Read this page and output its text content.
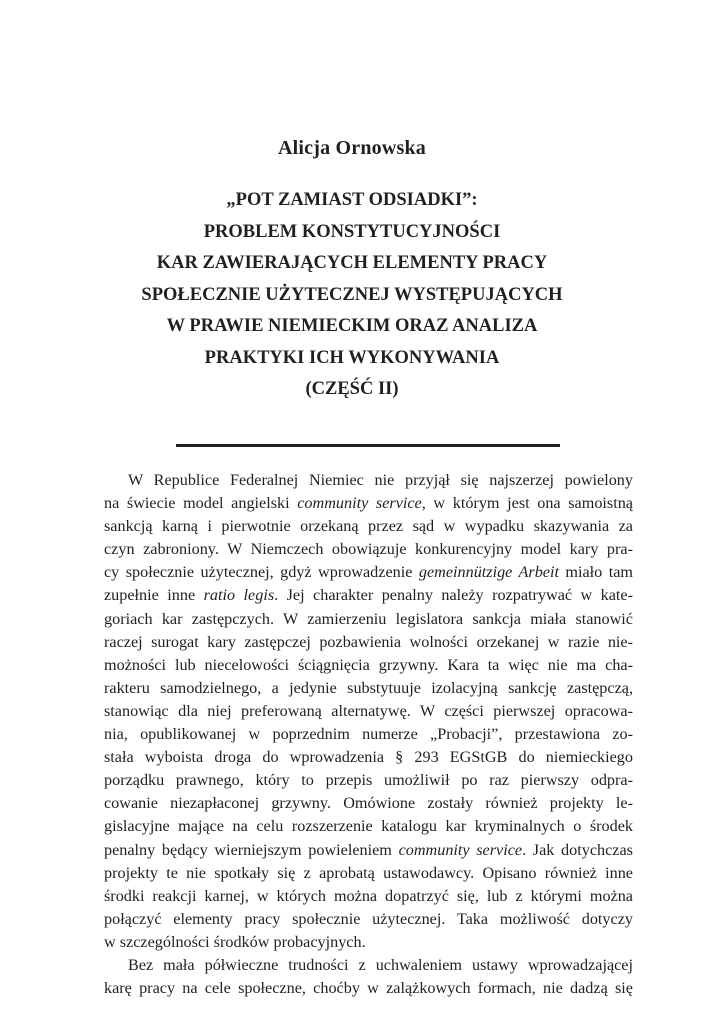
Alicja Ornowska
„POT ZAMIAST ODSIADKI”:
PROBLEM KONSTYTUCYJNOŚCI
KAR ZAWIERAJĄCYCH ELEMENTY PRACY
SPOŁECZNIE UŻYTECZNEJ WYSTĘPUJĄCYCH
W PRAWIE NIEMIECKIM ORAZ ANALIZA
PRAKTYKI ICH WYKONYWANIA
(CZĘŚĆ II)
W Republice Federalnej Niemiec nie przyjął się najszerzej powielony
na świecie model angielski community service, w którym jest ona samoistną
sankcją karną i pierwotnie orzekaną przez sąd w wypadku skazywania za
czyn zabroniony. W Niemczech obowiązuje konkurencyjny model kary pra-
cy społecznie użytecznej, gdyż wprowadzenie gemeinnützige Arbeit miało tam
zupełnie inne ratio legis. Jej charakter penalny należy rozpatrywać w kate-
goriach kar zastępczych. W zamierzeniu legislatora sankcja miała stanowić
raczej surogat kary zastępczej pozbawienia wolności orzekanej w razie nie-
możności lub niecelowości ściągnięcia grzywny. Kara ta więc nie ma cha-
rakteru samodzielnego, a jedynie substytuuje izolacyjną sankcję zastępczą,
stanowiąc dla niej preferowaną alternatywę. W części pierwszej opracowa-
nia, opublikowanej w poprzednim numerze „Probacji”, przestawiona zo-
stała wyboista droga do wprowadzenia § 293 EGStGB do niemieckiego
porządku prawnego, który to przepis umożliwił po raz pierwszy odpra-
cowanie niezapłaconej grzywny. Omówione zostały również projekty le-
gislacyjne mające na celu rozszerzenie katalogu kar kryminalnych o środek
penalny będący wierniejszym powieleniem community service. Jak dotychczas
projekty te nie spotkały się z aprobatą ustawodawcy. Opisano również inne
środki reakcji karnej, w których można dopatrzyć się, lub z którymi można
połączyć elementy pracy społecznie użytecznej. Taka możliwość dotyczy
w szczególności środków probacyjnych.
Bez mała półwieczne trudności z uchwaleniem ustawy wprowadzającej
karę pracy na cele społeczne, choćby w zalążkowych formach, nie dadzą się
